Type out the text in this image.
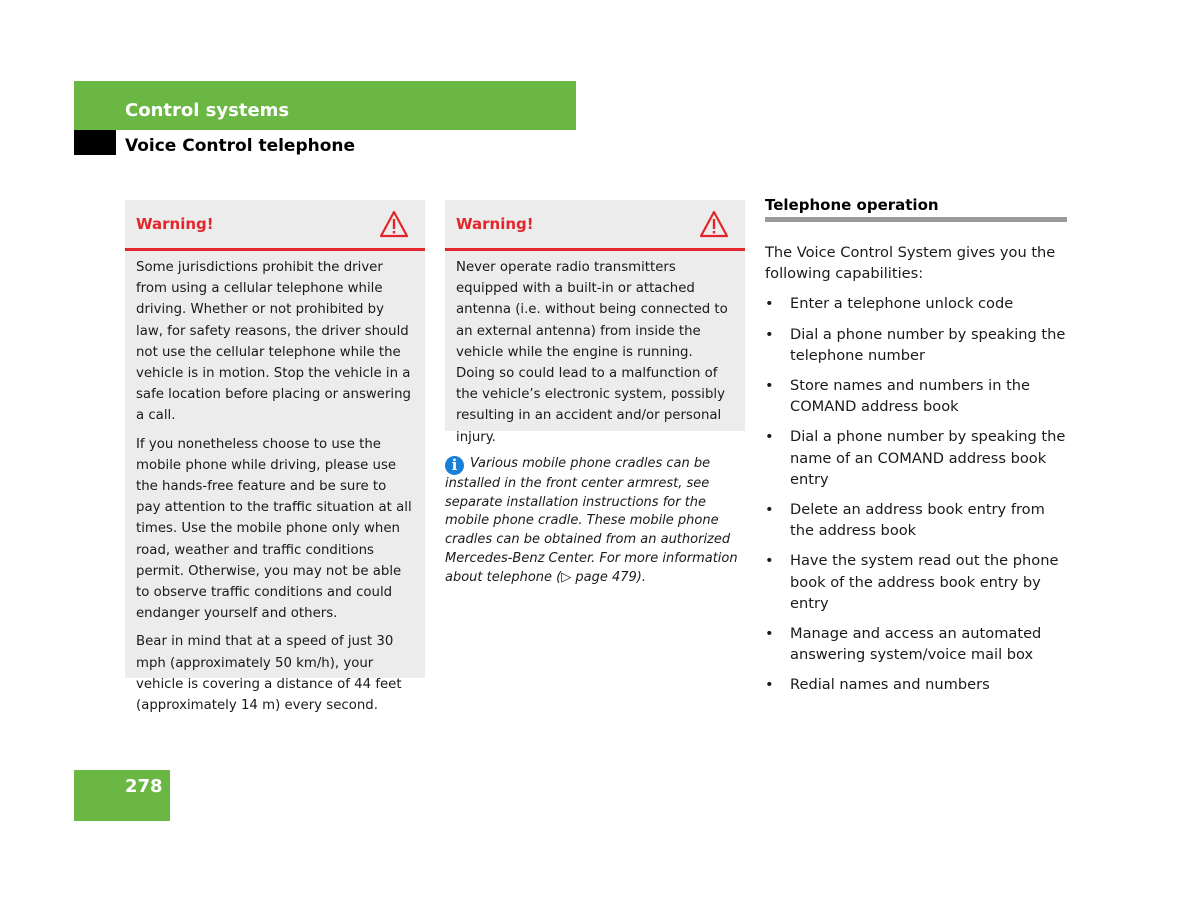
Control systems
Voice Control telephone
Warning!

Some jurisdictions prohibit the driver from using a cellular telephone while driving. Whether or not prohibited by law, for safety reasons, the driver should not use the cellular telephone while the vehicle is in motion. Stop the vehicle in a safe location before placing or answering a call.

If you nonetheless choose to use the mobile phone while driving, please use the hands-free feature and be sure to pay attention to the traffic situation at all times. Use the mobile phone only when road, weather and traffic conditions permit. Otherwise, you may not be able to observe traffic conditions and could endanger yourself and others.

Bear in mind that at a speed of just 30 mph (approximately 50 km/h), your vehicle is covering a distance of 44 feet (approximately 14 m) every second.

Warning!

Never operate radio transmitters equipped with a built-in or attached antenna (i.e. without being connected to an external antenna) from inside the vehicle while the engine is running. Doing so could lead to a malfunction of the vehicle’s electronic system, possibly resulting in an accident and/or personal injury.

i Various mobile phone cradles can be installed in the front center armrest, see separate installation instructions for the mobile phone cradle. These mobile phone cradles can be obtained from an authorized Mercedes-Benz Center. For more information about telephone (▷ page 479).
Telephone operation

The Voice Control System gives you the following capabilities:

• Enter a telephone unlock code
• Dial a phone number by speaking the telephone number
• Store names and numbers in the COMAND address book
• Dial a phone number by speaking the name of an COMAND address book entry
• Delete an address book entry from the address book
• Have the system read out the phone book of the address book entry by entry
• Manage and access an automated answering system/voice mail box
• Redial names and numbers
278
